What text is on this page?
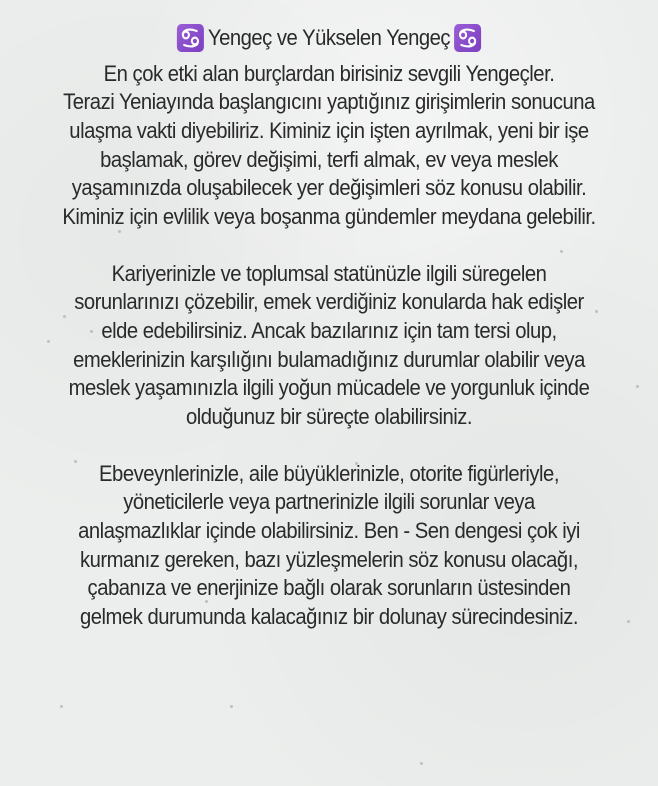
Yengeç ve Yükselen Yengeç
En çok etki alan burçlardan birisiniz sevgili Yengeçler.
Terazi Yeniayında başlangıcını yaptığınız girişimlerin sonucuna
ulaşma vakti diyebiliriz. Kiminiz için işten ayrılmak, yeni bir işe
başlamak, görev değişimi, terfi almak, ev veya meslek
yaşamınızda oluşabilecek yer değişimleri söz konusu olabilir.
Kiminiz için evlilik veya boşanma gündemler meydana gelebilir.
Kariyerinizle ve toplumsal statünüzle ilgili süregelen
sorunlarınızı çözebilir, emek verdiğiniz konularda hak edişler
elde edebilirsiniz. Ancak bazılarınız için tam tersi olup,
emeklerinizin karşılığını bulamadığınız durumlar olabilir veya
meslek yaşamınızla ilgili yoğun mücadele ve yorgunluk içinde
olduğunuz bir süreçte olabilirsiniz.
Ebeveynlerinizle, aile büyüklerinizle, otorite figürleriyle,
yöneticilerle veya partnerinizle ilgili sorunlar veya
anlaşmazlıklar içinde olabilirsiniz. Ben - Sen dengesi çok iyi
kurmanız gereken, bazı yüzleşmelerin söz konusu olacağı,
çabanıza ve enerjinize bağlı olarak sorunların üstesinden
gelmek durumunda kalacağınız bir dolunay sürecindesiniz.
